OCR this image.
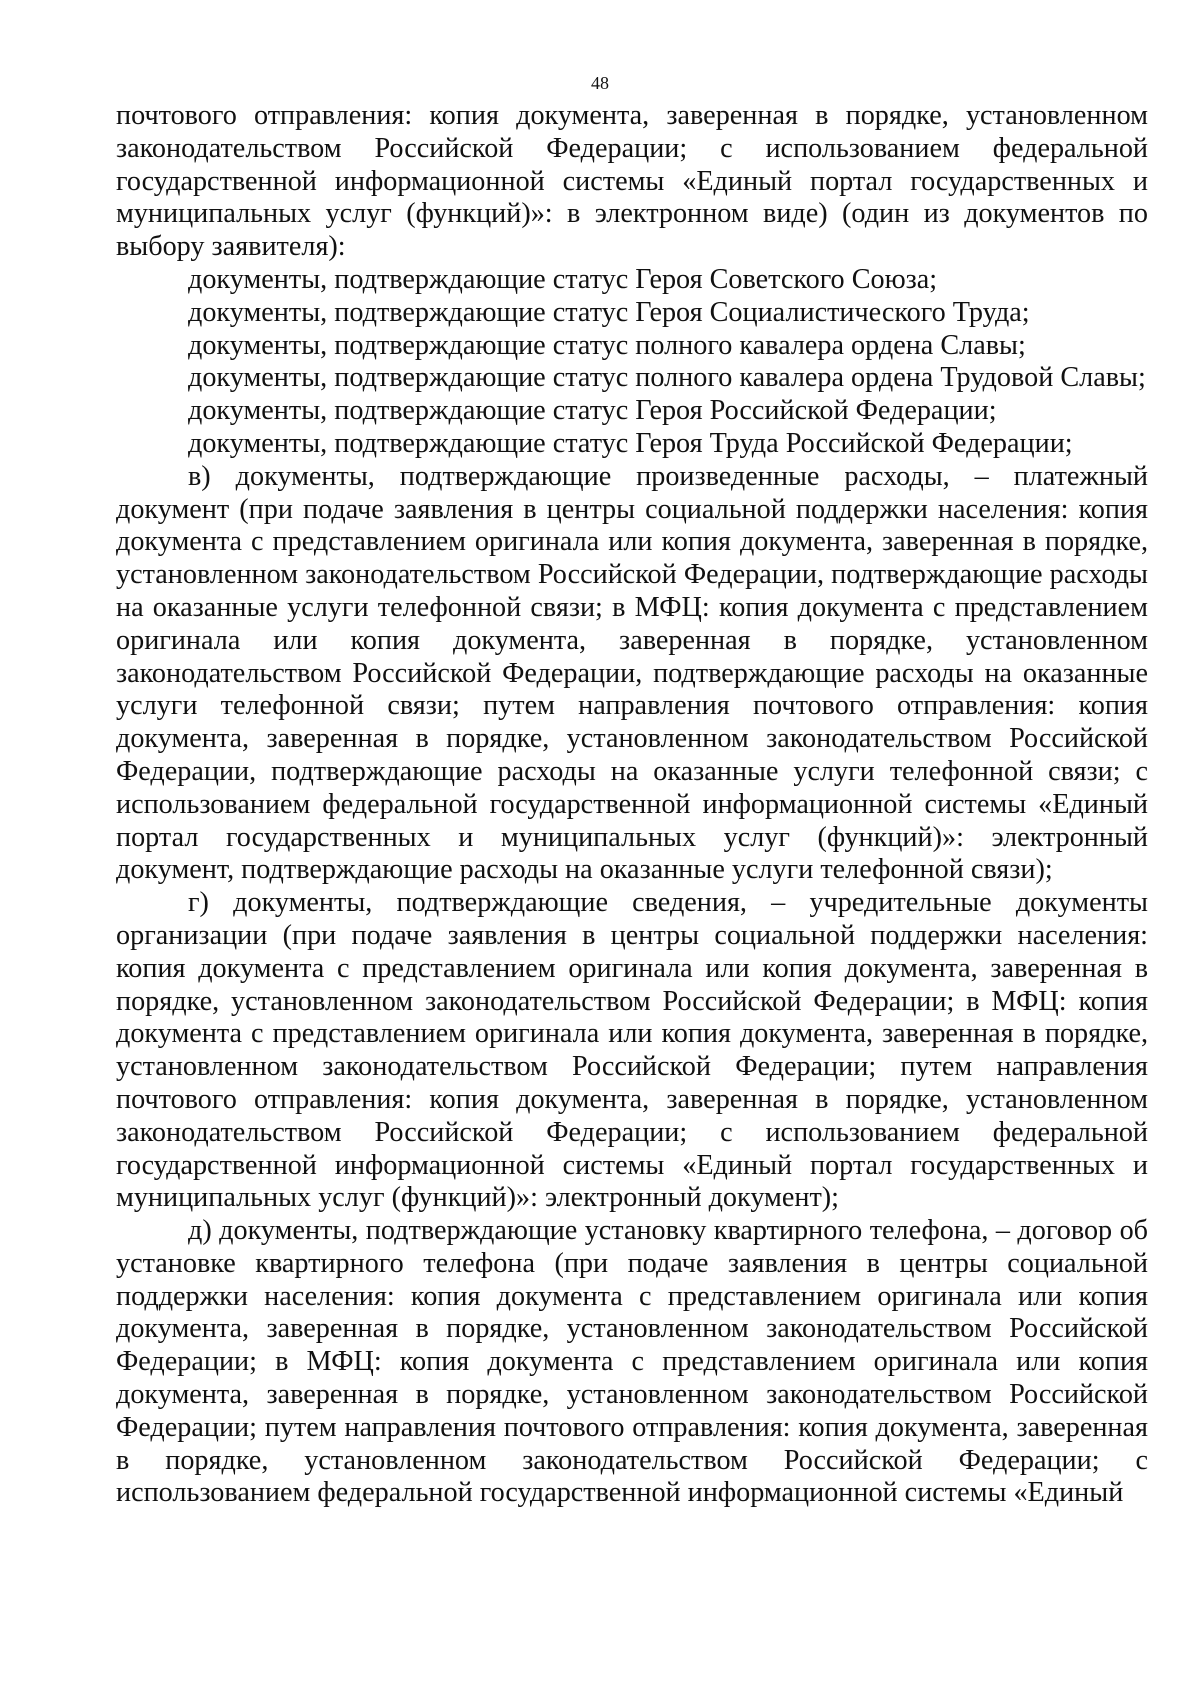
48

почтового отправления: копия документа, заверенная в порядке, установленном законодательством Российской Федерации; с использованием федеральной государственной информационной системы «Единый портал государственных и муниципальных услуг (функций)»: в электронном виде) (один из документов по выбору заявителя):

документы, подтверждающие статус Героя Советского Союза;

документы, подтверждающие статус Героя Социалистического Труда;

документы, подтверждающие статус полного кавалера ордена Славы;

документы, подтверждающие статус полного кавалера ордена Трудовой Славы;

документы, подтверждающие статус Героя Российской Федерации;

документы, подтверждающие статус Героя Труда Российской Федерации;

в) документы, подтверждающие произведенные расходы, – платежный документ (при подаче заявления в центры социальной поддержки населения: копия документа с представлением оригинала или копия документа, заверенная в порядке, установленном законодательством Российской Федерации, подтверждающие расходы на оказанные услуги телефонной связи; в МФЦ: копия документа с представлением оригинала или копия документа, заверенная в порядке, установленном законодательством Российской Федерации, подтверждающие расходы на оказанные услуги телефонной связи; путем направления почтового отправления: копия документа, заверенная в порядке, установленном законодательством Российской Федерации, подтверждающие расходы на оказанные услуги телефонной связи; с использованием федеральной государственной информационной системы «Единый портал государственных и муниципальных услуг (функций)»: электронный документ, подтверждающие расходы на оказанные услуги телефонной связи);

г) документы, подтверждающие сведения, – учредительные документы организации (при подаче заявления в центры социальной поддержки населения: копия документа с представлением оригинала или копия документа, заверенная в порядке, установленном законодательством Российской Федерации; в МФЦ: копия документа с представлением оригинала или копия документа, заверенная в порядке, установленном законодательством Российской Федерации; путем направления почтового отправления: копия документа, заверенная в порядке, установленном законодательством Российской Федерации; с использованием федеральной государственной информационной системы «Единый портал государственных и муниципальных услуг (функций)»: электронный документ);

д) документы, подтверждающие установку квартирного телефона, – договор об установке квартирного телефона (при подаче заявления в центры социальной поддержки населения: копия документа с представлением оригинала или копия документа, заверенная в порядке, установленном законодательством Российской Федерации; в МФЦ: копия документа с представлением оригинала или копия документа, заверенная в порядке, установленном законодательством Российской Федерации; путем направления почтового отправления: копия документа, заверенная в порядке, установленном законодательством Российской Федерации; с использованием федеральной государственной информационной системы «Единый
